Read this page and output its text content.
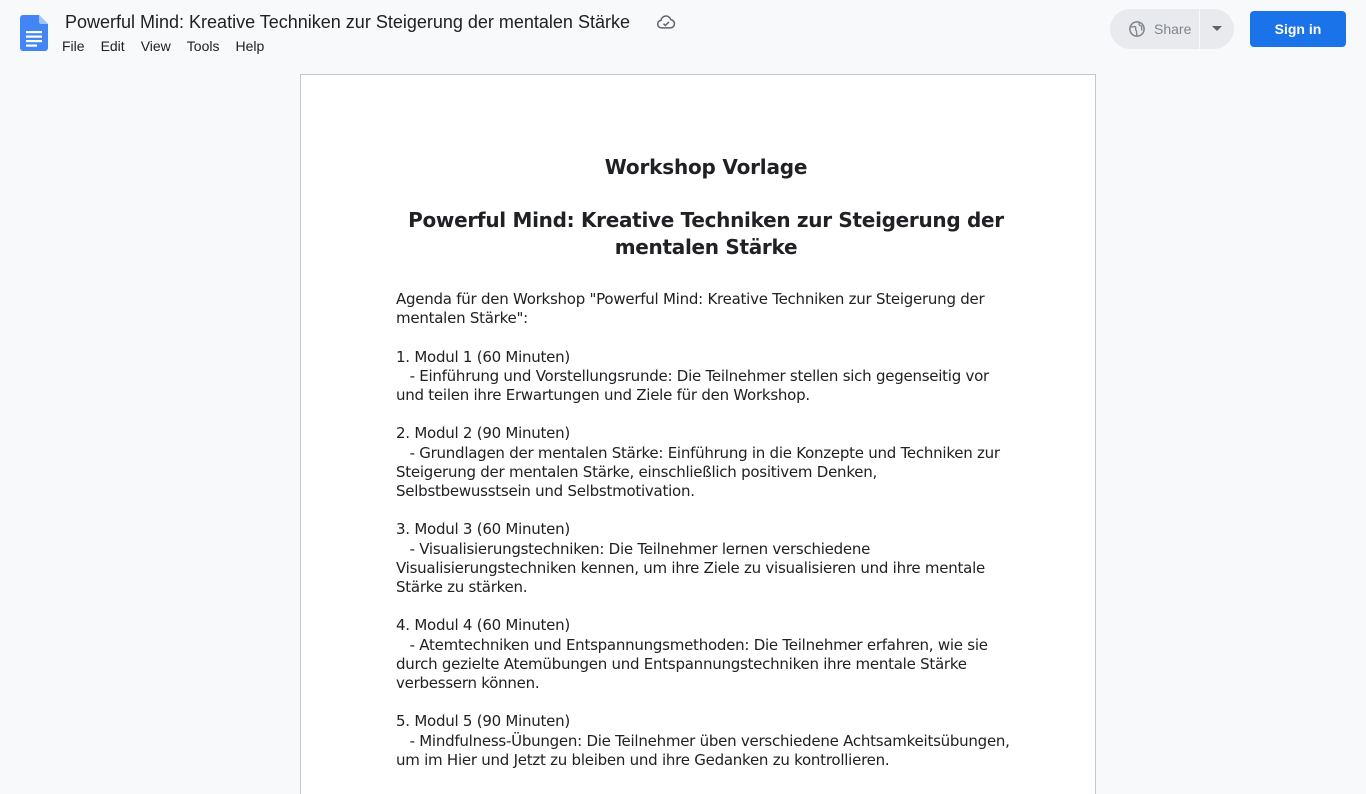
Powerful Mind: Kreative Techniken zur Steigerung der mentalen Stärke
File	Edit	View	Tools	Help
Share	Sign in
Workshop Vorlage
Powerful Mind: Kreative Techniken zur Steigerung der mentalen Stärke
Agenda für den Workshop "Powerful Mind: Kreative Techniken zur Steigerung der mentalen Stärke":
1. Modul 1 (60 Minuten)
- Einführung und Vorstellungsrunde: Die Teilnehmer stellen sich gegenseitig vor und teilen ihre Erwartungen und Ziele für den Workshop.
2. Modul 2 (90 Minuten)
- Grundlagen der mentalen Stärke: Einführung in die Konzepte und Techniken zur Steigerung der mentalen Stärke, einschließlich positivem Denken, Selbstbewusstsein und Selbstmotivation.
3. Modul 3 (60 Minuten)
- Visualisierungstechniken: Die Teilnehmer lernen verschiedene Visualisierungstechniken kennen, um ihre Ziele zu visualisieren und ihre mentale Stärke zu stärken.
4. Modul 4 (60 Minuten)
- Atemtechniken und Entspannungsmethoden: Die Teilnehmer erfahren, wie sie durch gezielte Atemübungen und Entspannungstechniken ihre mentale Stärke verbessern können.
5. Modul 5 (90 Minuten)
- Mindfulness-Übungen: Die Teilnehmer üben verschiedene Achtsamkeitsübungen, um im Hier und Jetzt zu bleiben und ihre Gedanken zu kontrollieren.
